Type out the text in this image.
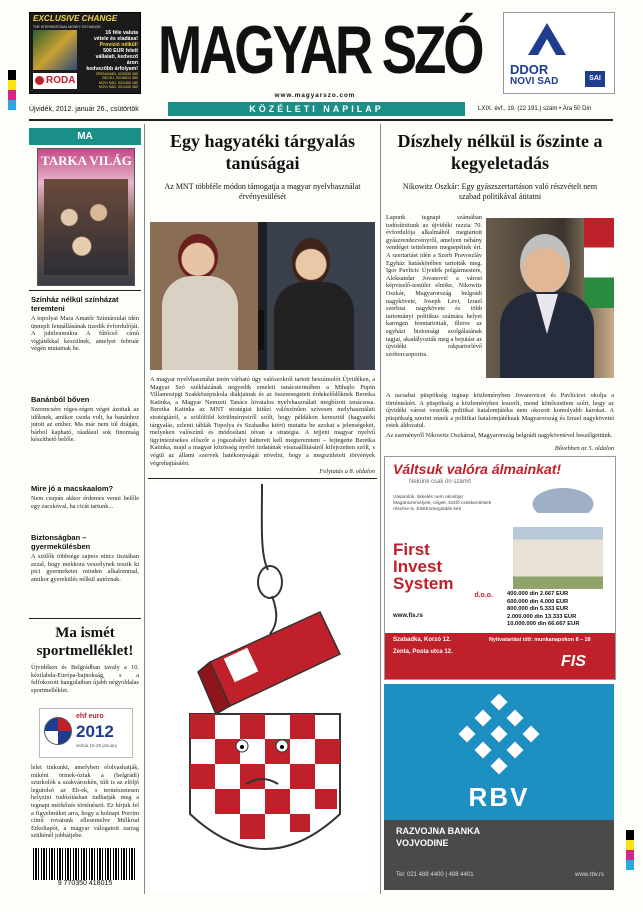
EXCLUSIVE CHANGE
THE INTERNATIONAL MONEY EXCHANGE
16 féle valuta
vétele és eladása!
Provízió nélkül!
500 EUR felett
vállalati, kedvező
áron
kedvezőbb árfolyam!
RODA
ZRENJANIN, 023/530 360
BECEJ, 021/6912 380
NOVI SAD, 021/450 180
NOVI SAD, 021/430 380 MAGYAR SZÓ
www.magyarszo.com
KÖZÉLETI NAPILAP
Újvidék, 2012. január 26., csütörtök	LXIX. évf., 19. (22 191.) szám • Ára 50 Din
DDOR
NOVI SAD	SAI
MA
TARKA VILÁG
Színház nélkül színházat teremteni
A topolyai Mara Amatőr Színtársulat idén ünnepli fennállásának tizedik évfordulóját. A jubileumukra A fűtőcső című vígjátékkal készülnek, amelyet február végén mutatnak be.
Banánból bőven
Szerencsére réges-régen véget ázottak az időknek, amikor csoda volt, ha banánhoz jutott az ember. Ma már nem túl drágán, bárhol kapható, ráadásul sok finomság készíthető belőle.
Mire jó a macskaalom?
Nem csupán akkor érdemes venni belőle egy zacskóval, ha cicát tartunk...
Biztonságban – gyermekülésben
A szülők többsége sajnos nincs tisztában azzal, hogy mekkora veszélynek teszik ki pici gyermeketet minden alkalommal, amikor gyerekülés nélkül autóznak.
Ma ismét sportmelléklet!
Újvidéken és Belgrádban tavaly a 10. kézilabda-Európa-bajnokság, s a felfokozott hangulatban újabb négyoldalas sportmelléklet.
ehf euro
2012
serbia 15-29 january
lelet tinkunkt, amelyben elolvashatják, miként örmek-óztak a (belgrádi) szurkolók a szakvároskén, túlt is az elöljő legutolsó az Eb-ek, s természetesen helyzini tudósításban tudhatják meg a tegnapi mérkőzés történéseit. Ez hírjuk fel a figyelmüket arra, hogy a holnapi Porrim című rovatunk ellesemelve Mélkrud Erkoltapót, a magyar válogatott zarrag szülténél jobbátjebe.
9 770350 418015
Egy hagyatéki tárgyalás tanúságai
Az MNT többféle módon támogatja a magyar nyelvhasználat érvényesülését
A magyar nyelvhasználat terén várható úgy valószokról tartott beszámolót Újvidéken, a Magyar Szó székházának negyedik emeleti tanácstermében a Mihajlo Pupin Villamosipgi Szakközépiskola diákjainak és az összeesegetett érdekelődőknek Beretka Katinka, a Magyar Nemzeti Tanács hivatalos nyelvhasználati megbízott tanácsosa. Beretka Katinka az MNT stratégiai kitűzi valószínűen szívesen melyhasználati stratégiáról, a szülőföld körülményeiről szólt, hogy példákon keresztül (hagyatéki tárgyalás, szlenti táblák Topolya és Szabadka kiért) mutatta be azokat a jelenségeket, melyeken valószínű és módosítani tévan a stratégia. A tejjeni magyar nyelvű ügyintézésekes előszőr a jogszabályi háttereit kell megteremteni – fejtegette Beretka Katinka, majd a magyar közösség nyelvi tudatának visszaállításáról kifejezetten szólt, s végül az állami szervek hatékonyságát növelni, hogy a megszületett törvények végrehajtásáért.
Folytatás a 8. oldalon
Díszhely nélkül is őszinte a kegyeletadás
Nikowitz Oszkár: Egy gyászszertartáson való részvételt nem szabad politikával átitatni
Lapunk tegnapi számában tudósítottunk az újvidéki razzia 70. évfordulója alkalmából megtartott gyászrendezvényről, amelyen néhány vendéget tettelemen megsepéitek ért. A szertartást idén a Szerb Pravoszláv Egyház hatáskörében tartották meg. Igor Pavlicic Újvidék polgármestere, Aleksandar Jovanović a városi képviselő-testület elnöke, Nikowitz Oszkár, Magyarország belgrádi nagykövete, Joseph Levi, Izrael szerbiai nagykövete és több tartományi politikus számára helyet karingen fenntartottak, illetve az egyházi biztonsági szolgálatának tagjai, akadályozták meg a bejutást az újvidéki rakpartorlévő szoborcsoportra.
A tacsabai püspökség tegnap közleményben Jovanovicot és Pavlicicet okolja a történtekért. A püspökség a közleményben leszerli, mond kötelezettem széri, hogy az újvidéki városi vezetők politikai hatalomjátéka nem okozott komolyabb károkat. A püspökség szerint ennek a politikai hatalomjátéknak Magyarország és Izrael nagykövetei estek áldozatul.
Az eseményről Nikowitz Oszkárral, Magyarország belgrádi nagykövetével beszélgettünk.
Bővebben az 5. oldalon
Váltsuk valóra álmainkat!
Nekünk csak ön számít
Vásárolók, tikkelés nem okosítja! Magánszemélyek, cégek, közlő csökkentésiek részére is. Elektromegoldás kéri
First
Invest
System
d.o.o.
www.fis.rs
400.000 din 2.667 EUR
600.000 din 4.000 EUR
800.000 din 5.333 EUR
2.000.000 din 13.333 EUR
10.000.000 din 66.667 EUR
Szabadka, Korzó 12.
Zenta, Posta utca 12.
Nyitvatartási idő: munkanapokon 8 – 18
FIS
RBV
RAZVOJNA BANKA
VOJVODINE
Tel: 021 488 4400 | 488 4401	www.rbv.rs
